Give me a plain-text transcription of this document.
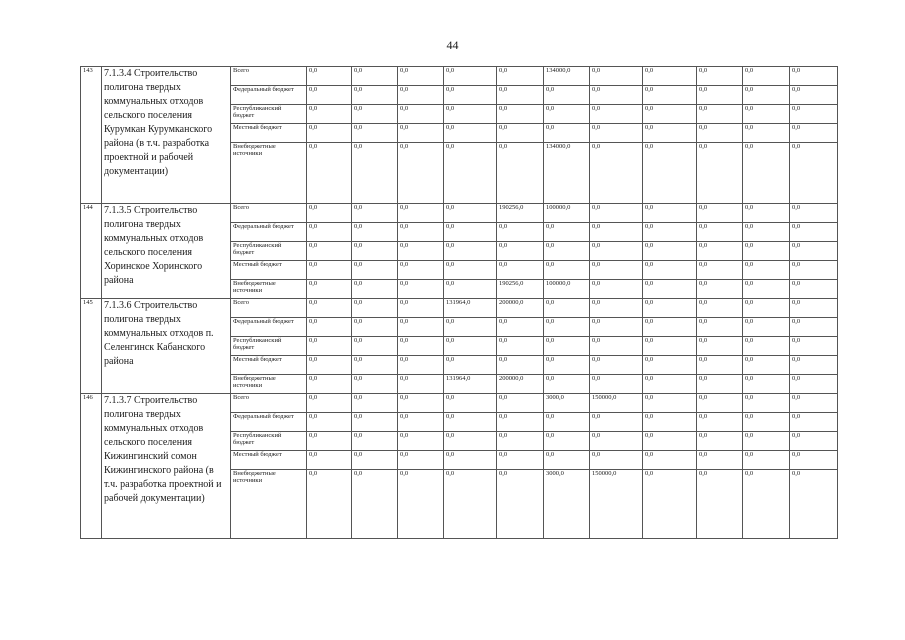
44
143	7.1.3.4 Строительство полигона твердых коммунальных отходов сельского поселения Курумкан Курумканского района (в т.ч. разработка проектной и рабочей документации)	Всего	0,0	0,0	0,0	0,0	0,0	134000,0	0,0	0,0	0,0	0,0	0,0
		Федеральный бюджет	0,0	0,0	0,0	0,0	0,0	0,0	0,0	0,0	0,0	0,0	0,0
		Республиканский бюджет	0,0	0,0	0,0	0,0	0,0	0,0	0,0	0,0	0,0	0,0	0,0
		Местный бюджет	0,0	0,0	0,0	0,0	0,0	0,0	0,0	0,0	0,0	0,0	0,0
		Внебюджетные источники	0,0	0,0	0,0	0,0	0,0	134000,0	0,0	0,0	0,0	0,0	0,0
144	7.1.3.5 Строительство полигона твердых коммунальных отходов сельского поселения Хоринское Хоринского района	Всего	0,0	0,0	0,0	0,0	190256,0	100000,0	0,0	0,0	0,0	0,0	0,0
		Федеральный бюджет	0,0	0,0	0,0	0,0	0,0	0,0	0,0	0,0	0,0	0,0	0,0
		Республиканский бюджет	0,0	0,0	0,0	0,0	0,0	0,0	0,0	0,0	0,0	0,0	0,0
		Местный бюджет	0,0	0,0	0,0	0,0	0,0	0,0	0,0	0,0	0,0	0,0	0,0
		Внебюджетные источники	0,0	0,0	0,0	0,0	190256,0	100000,0	0,0	0,0	0,0	0,0	0,0
145	7.1.3.6 Строительство полигона твердых коммунальных отходов п. Селенгинск Кабанского района	Всего	0,0	0,0	0,0	131964,0	200000,0	0,0	0,0	0,0	0,0	0,0	0,0
		Федеральный бюджет	0,0	0,0	0,0	0,0	0,0	0,0	0,0	0,0	0,0	0,0	0,0
		Республиканский бюджет	0,0	0,0	0,0	0,0	0,0	0,0	0,0	0,0	0,0	0,0	0,0
		Местный бюджет	0,0	0,0	0,0	0,0	0,0	0,0	0,0	0,0	0,0	0,0	0,0
		Внебюджетные источники	0,0	0,0	0,0	131964,0	200000,0	0,0	0,0	0,0	0,0	0,0	0,0
146	7.1.3.7 Строительство полигона твердых коммунальных отходов сельского поселения Кижингинский сомон Кижингинского района (в т.ч. разработка проектной и рабочей документации)	Всего	0,0	0,0	0,0	0,0	0,0	3000,0	150000,0	0,0	0,0	0,0	0,0
		Федеральный бюджет	0,0	0,0	0,0	0,0	0,0	0,0	0,0	0,0	0,0	0,0	0,0
		Республиканский бюджет	0,0	0,0	0,0	0,0	0,0	0,0	0,0	0,0	0,0	0,0	0,0
		Местный бюджет	0,0	0,0	0,0	0,0	0,0	0,0	0,0	0,0	0,0	0,0	0,0
		Внебюджетные источники	0,0	0,0	0,0	0,0	0,0	3000,0	150000,0	0,0	0,0	0,0	0,0
